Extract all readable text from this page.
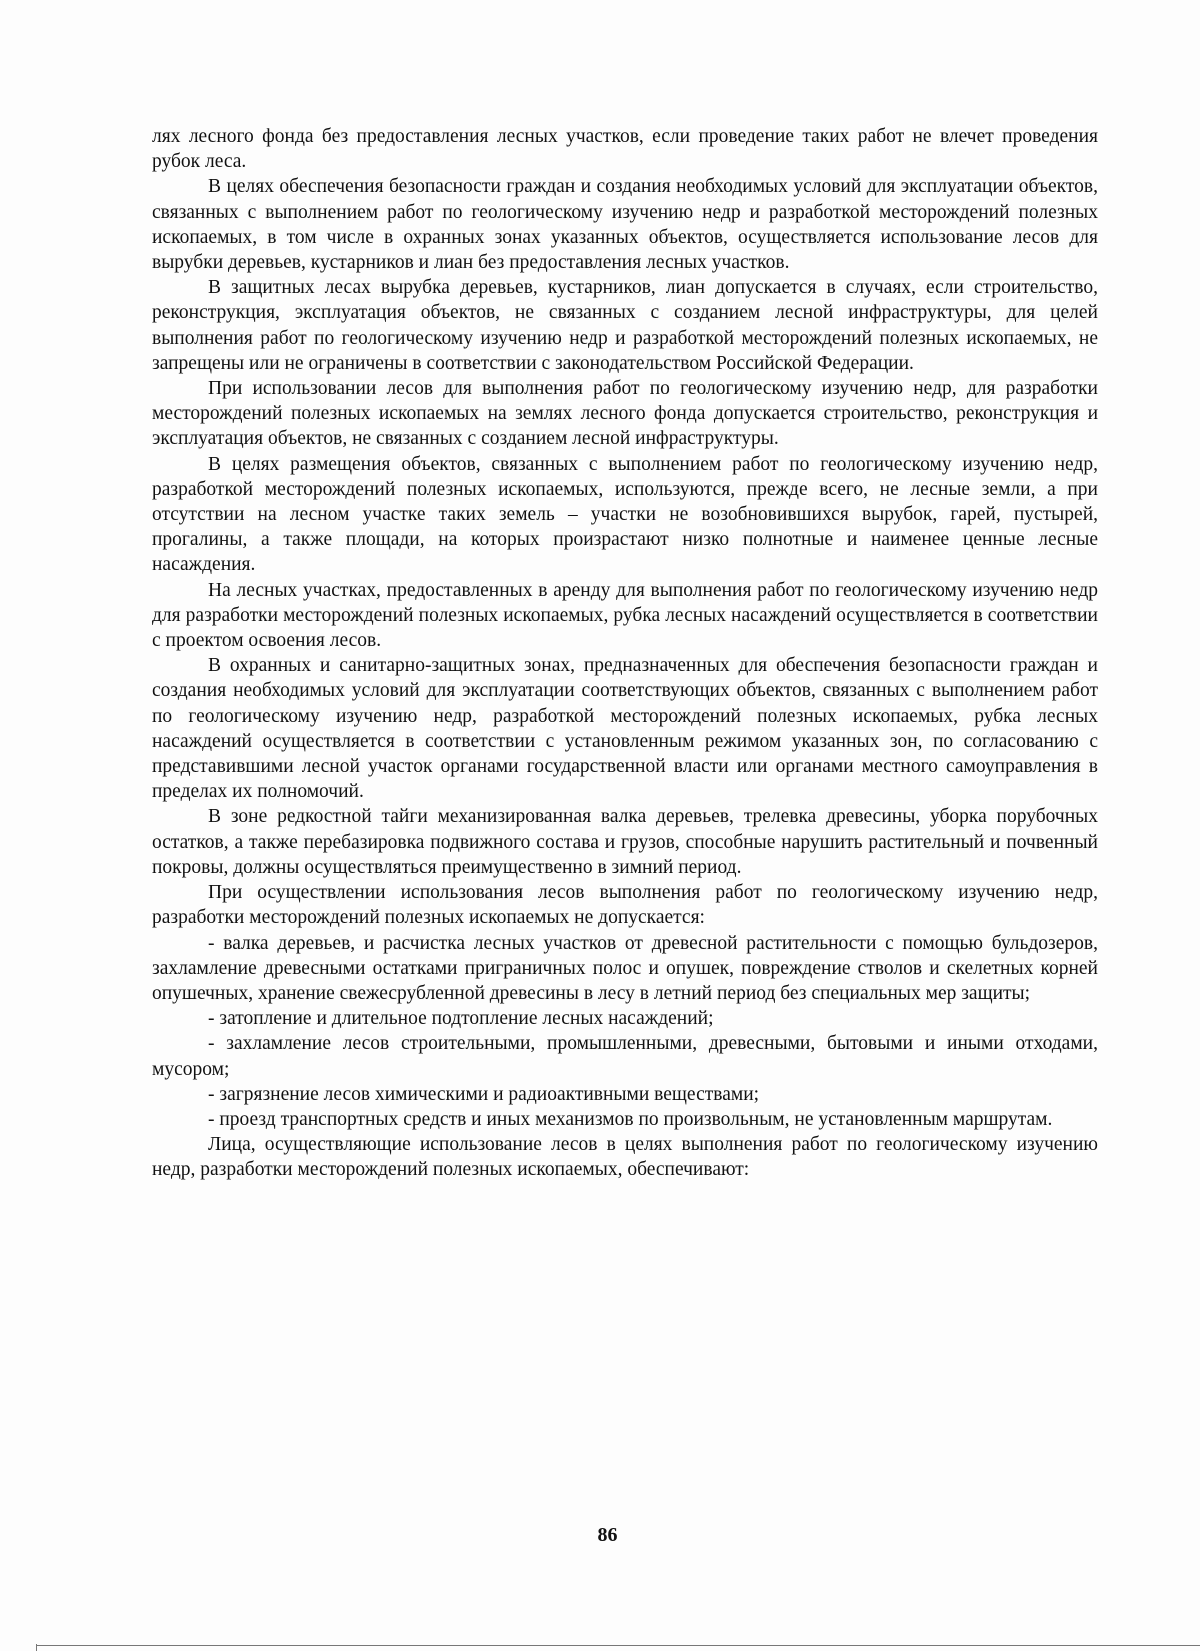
лях лесного фонда без предоставления лесных участков, если проведение таких работ не влечет проведения рубок леса.

В целях обеспечения безопасности граждан и создания необходимых условий для эксплуатации объектов, связанных с выполнением работ по геологическому изучению недр и разработкой месторождений полезных ископаемых, в том числе в охранных зонах указанных объектов, осуществляется использование лесов для вырубки деревьев, кустарников и лиан без предоставления лесных участков.

В защитных лесах вырубка деревьев, кустарников, лиан допускается в случаях, если строительство, реконструкция, эксплуатация объектов, не связанных с созданием лесной инфраструктуры, для целей выполнения работ по геологическому изучению недр и разработкой месторождений полезных ископаемых, не запрещены или не ограничены в соответствии с законодательством Российской Федерации.

При использовании лесов для выполнения работ по геологическому изучению недр, для разработки месторождений полезных ископаемых на землях лесного фонда допускается строительство, реконструкция и эксплуатация объектов, не связанных с созданием лесной инфраструктуры.

В целях размещения объектов, связанных с выполнением работ по геологическому изучению недр, разработкой месторождений полезных ископаемых, используются, прежде всего, не лесные земли, а при отсутствии на лесном участке таких земель – участки не возобновившихся вырубок, гарей, пустырей, прогалины, а также площади, на которых произрастают низко полнотные и наименее ценные лесные насаждения.

На лесных участках, предоставленных в аренду для выполнения работ по геологическому изучению недр для разработки месторождений полезных ископаемых, рубка лесных насаждений осуществляется в соответствии с проектом освоения лесов.

В охранных и санитарно-защитных зонах, предназначенных для обеспечения безопасности граждан и создания необходимых условий для эксплуатации соответствующих объектов, связанных с выполнением работ по геологическому изучению недр, разработкой месторождений полезных ископаемых, рубка лесных насаждений осуществляется в соответствии с установленным режимом указанных зон, по согласованию с представившими лесной участок органами государственной власти или органами местного самоуправления в пределах их полномочий.

В зоне редкостной тайги механизированная валка деревьев, трелевка древесины, уборка порубочных остатков, а также перебазировка подвижного состава и грузов, способные нарушить растительный и почвенный покровы, должны осуществляться преимущественно в зимний период.

При осуществлении использования лесов выполнения работ по геологическому изучению недр, разработки месторождений полезных ископаемых не допускается:

- валка деревьев, и расчистка лесных участков от древесной растительности с помощью бульдозеров, захламление древесными остатками приграничных полос и опушек, повреждение стволов и скелетных корней опушечных, хранение свежесрубленной древесины в лесу в летний период без специальных мер защиты;

- затопление и длительное подтопление лесных насаждений;

- захламление лесов строительными, промышленными, древесными, бытовыми и иными отходами, мусором;

- загрязнение лесов химическими и радиоактивными веществами;

- проезд транспортных средств и иных механизмов по произвольным, не установленным маршрутам.

Лица, осуществляющие использование лесов в целях выполнения работ по геологическому изучению недр, разработки месторождений полезных ископаемых, обеспечивают:

86
